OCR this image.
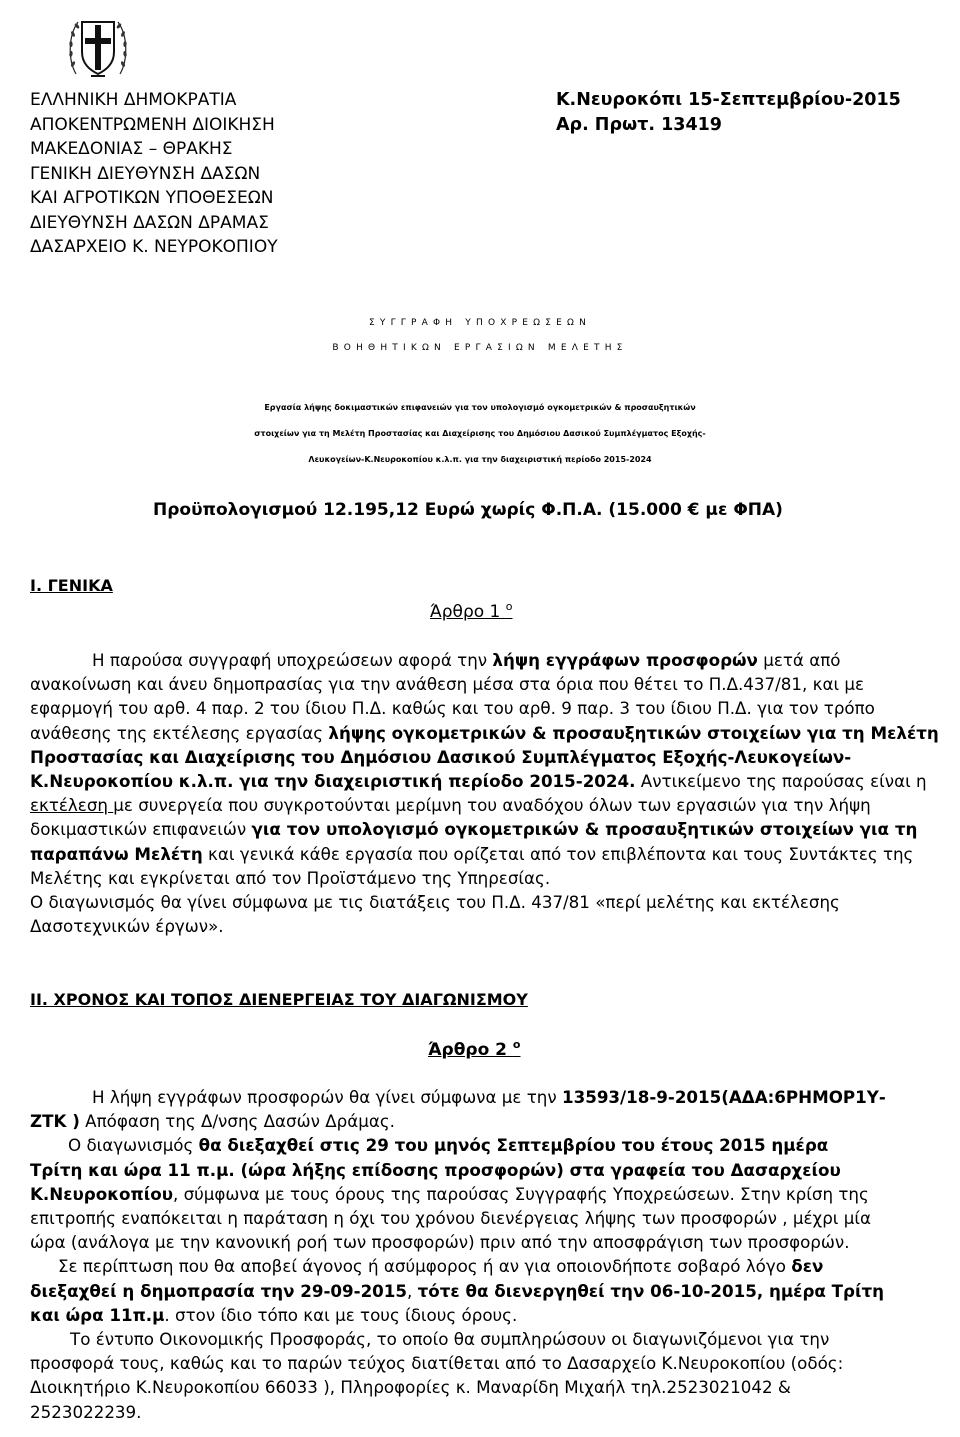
ΕΛΛΗΝΙΚΗ ΔΗΜΟΚΡΑΤΙΑ
ΑΠΟΚΕΝΤΡΩΜΕΝΗ ΔΙΟΙΚΗΣΗ
ΜΑΚΕΔΟΝΙΑΣ – ΘΡΑΚΗΣ
ΓΕΝΙΚΗ ΔΙΕΥΘΥΝΣΗ ΔΑΣΩΝ
ΚΑΙ ΑΓΡΟΤΙΚΩΝ ΥΠΟΘΕΣΕΩΝ
ΔΙΕΥΘΥΝΣΗ ΔΑΣΩΝ ΔΡΑΜΑΣ
ΔΑΣΑΡΧΕΙΟ Κ. ΝΕΥΡΟΚΟΠΙΟΥ
Κ.Νευροκόπι 15-Σεπτεμβρίου-2015
Αρ. Πρωτ. 13419
ΣΥΓΓΡΑΦΗ ΥΠΟΧΡΕΩΣΕΩΝ
ΒΟΗΘΗΤΙΚΩΝ ΕΡΓΑΣΙΩΝ ΜΕΛΕΤΗΣ
Εργασία λήψης δοκιμαστικών επιφανειών για τον υπολογισμό ογκομετρικών & προσαυξητικών
στοιχείων για τη Μελέτη Προστασίας και Διαχείρισης του Δημόσιου Δασικού Συμπλέγματος Εξοχής-
Λευκογείων-Κ.Νευροκοπίου κ.λ.π. για την διαχειριστική περίοδο 2015-2024
Προϋπολογισμού 12.195,12 Ευρώ χωρίς Φ.Π.Α. (15.000 € με ΦΠΑ)
Ι. ΓΕΝΙΚΑ
Άρθρο 1 $^o$
Η παρούσα συγγραφή υποχρεώσεων αφορά την λήψη εγγράφων προσφορών μετά από
ανακοίνωση και άνευ δημοπρασίας για την ανάθεση μέσα στα όρια που θέτει το Π.Δ.437/81, και με
εφαρμογή του αρθ. 4 παρ. 2 του ίδιου Π.Δ. καθώς και του αρθ. 9 παρ. 3 του ίδιου Π.Δ. για τον τρόπο
ανάθεσης της εκτέλεσης εργασίας λήψης ογκομετρικών & προσαυξητικών στοιχείων για τη Μελέτη
Προστασίας και Διαχείρισης του Δημόσιου Δασικού Συμπλέγματος Εξοχής-Λευκογείων-
Κ.Νευροκοπίου κ.λ.π. για την διαχειριστική περίοδο 2015-2024. Αντικείμενο της παρούσας είναι η
εκτέλεση με συνεργεία που συγκροτούνται μερίμνη του αναδόχου όλων των εργασιών για την λήψη
δοκιμαστικών επιφανειών για τον υπολογισμό ογκομετρικών & προσαυξητικών στοιχείων για τη
παραπάνω Μελέτη και γενικά κάθε εργασία που ορίζεται από τον επιβλέποντα και τους Συντάκτες της
Μελέτης και εγκρίνεται από τον Προϊστάμενο της Υπηρεσίας.
Ο διαγωνισμός θα γίνει σύμφωνα με τις διατάξεις του Π.Δ. 437/81 «περί μελέτης και εκτέλεσης
Δασοτεχνικών έργων».
ΙΙ. ΧΡΟΝΟΣ ΚΑΙ ΤΟΠΟΣ ΔΙΕΝΕΡΓΕΙΑΣ ΤΟΥ ΔΙΑΓΩΝΙΣΜΟΥ
Άρθρο 2 $^o$
Η λήψη εγγράφων προσφορών θα γίνει σύμφωνα με την 13593/18-9-2015(ΑΔΑ:6ΡΗΜΟΡ1Υ-
ΖΤΚ ) Απόφαση της Δ/νσης Δασών Δράμας.
Ο διαγωνισμός θα διεξαχθεί στις 29 του μηνός Σεπτεμβρίου του έτους 2015 ημέρα
Τρίτη και ώρα 11 π.μ. (ώρα λήξης επίδοσης προσφορών) στα γραφεία του Δασαρχείου
Κ.Νευροκοπίου, σύμφωνα με τους όρους της παρούσας Συγγραφής Υποχρεώσεων. Στην κρίση της
επιτροπής εναπόκειται η παράταση η όχι του χρόνου διενέργειας λήψης των προσφορών , μέχρι μία
ώρα (ανάλογα με την κανονική ροή των προσφορών) πριν από την αποσφράγιση των προσφορών.
Σε περίπτωση που θα αποβεί άγονος ή ασύμφορος ή αν για οποιονδήποτε σοβαρό λόγο δεν
διεξαχθεί η δημοπρασία την 29-09-2015, τότε θα διενεργηθεί την 06-10-2015, ημέρα Τρίτη
και ώρα 11π.μ. στον ίδιο τόπο και με τους ίδιους όρους.
Το έντυπο Οικονομικής Προσφοράς, το οποίο θα συμπληρώσουν οι διαγωνιζόμενοι για την
προσφορά τους, καθώς και το παρών τεύχος διατίθεται από το Δασαρχείο Κ.Νευροκοπίου (οδός:
Διοικητήριο Κ.Νευροκοπίου 66033 ), Πληροφορίες κ. Μαναρίδη Μιχαήλ τηλ.2523021042 &
2523022239.
